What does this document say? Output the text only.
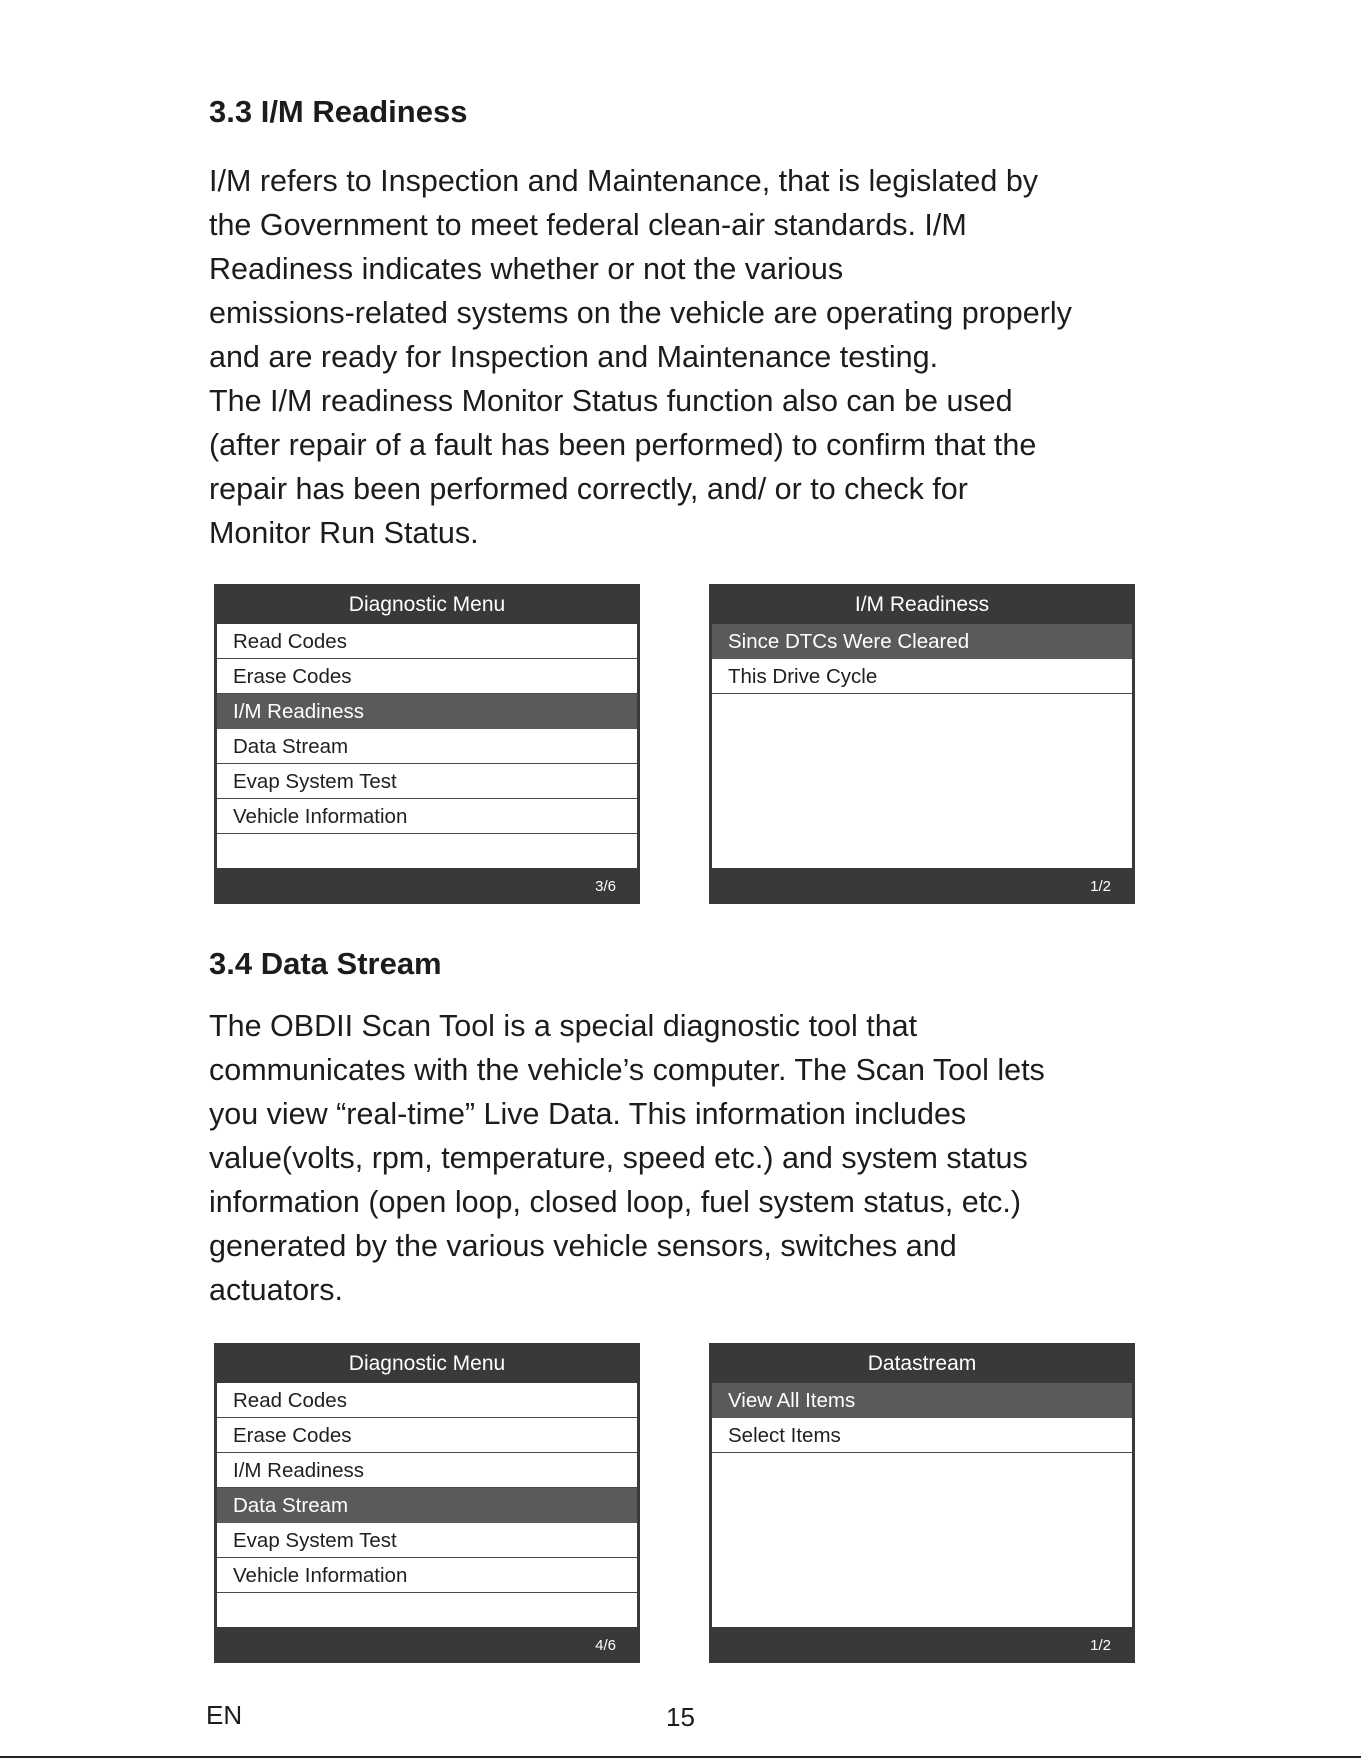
3.3 I/M Readiness
I/M refers to Inspection and Maintenance, that is legislated by
the Government to meet federal clean-air standards. I/M
Readiness indicates whether or not the various
emissions-related systems on the vehicle are operating properly
and are ready for Inspection and Maintenance testing.
The I/M readiness Monitor Status function also can be used
(after repair of a fault has been performed) to confirm that the
repair has been performed correctly, and/ or to check for
Monitor Run Status.
Diagnostic Menu
Read Codes
Erase Codes
I/M Readiness
Data Stream
Evap System Test
Vehicle Information
3/6
I/M Readiness
Since DTCs Were Cleared
This Drive Cycle
1/2
3.4 Data Stream
The OBDII Scan Tool is a special diagnostic tool that
communicates with the vehicle’s computer. The Scan Tool lets
you view “real-time” Live Data. This information includes
value(volts, rpm, temperature, speed etc.) and system status
information (open loop, closed loop, fuel system status, etc.)
generated by the various vehicle sensors, switches and
actuators.
Diagnostic Menu
Read Codes
Erase Codes
I/M Readiness
Data Stream
Evap System Test
Vehicle Information
4/6
Datastream
View All Items
Select Items
1/2
EN	15
